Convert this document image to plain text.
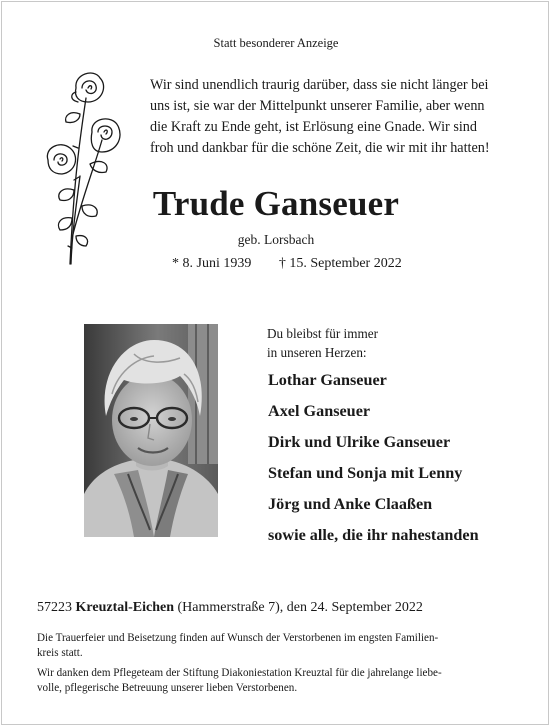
Statt besonderer Anzeige
Wir sind unendlich traurig darüber, dass sie nicht länger bei
uns ist, sie war der Mittelpunkt unserer Familie, aber wenn
die Kraft zu Ende geht, ist Erlösung eine Gnade. Wir sind
froh und dankbar für die schöne Zeit, die wir mit ihr hatten!
Trude Ganseuer
geb. Lorsbach
* 8. Juni 1939 † 15. September 2022
Du bleibst für immer
in unseren Herzen:
Lothar Ganseuer
Axel Ganseuer
Dirk und Ulrike Ganseuer
Stefan und Sonja mit Lenny
Jörg und Anke Claaßen
sowie alle, die ihr nahestanden
57223 Kreuztal-Eichen (Hammerstraße 7), den 24. September 2022

Die Trauerfeier und Beisetzung finden auf Wunsch der Verstorbenen im engsten Familien-
kreis statt.

Wir danken dem Pflegeteam der Stiftung Diakoniestation Kreuztal für die jahrelange liebe-
volle, pflegerische Betreuung unserer lieben Verstorbenen.
